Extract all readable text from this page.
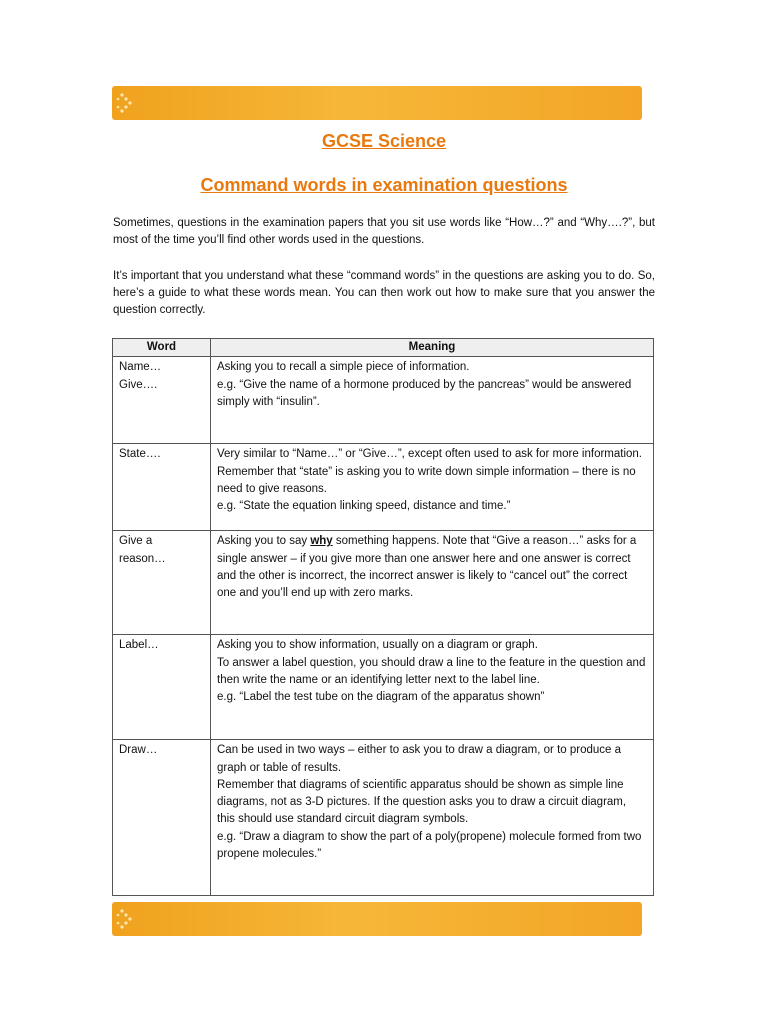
GCSE Science
Command words in examination questions

Sometimes, questions in the examination papers that you sit use words like “How…?” and “Why….?”, but most of the time you’ll find other words used in the questions.

It’s important that you understand what these “command words” in the questions are asking you to do. So, here’s a guide to what these words mean. You can then work out how to make sure that you answer the question correctly.

Word	Meaning
Name…
Give….	Asking you to recall a simple piece of information.
e.g. “Give the name of a hormone produced by the pancreas” would be answered simply with “insulin”.

State….	Very similar to “Name…” or “Give…”, except often used to ask for more information. Remember that “state” is asking you to write down simple information – there is no need to give reasons.
e.g. “State the equation linking speed, distance and time.”

Give a
reason…	Asking you to say why something happens. Note that “Give a reason…” asks for a single answer – if you give more than one answer here and one answer is correct and the other is incorrect, the incorrect answer is likely to “cancel out” the correct one and you’ll end up with zero marks.
Label…	Asking you to show information, usually on a diagram or graph.
To answer a label question, you should draw a line to the feature in the question and then write the name or an identifying letter next to the label line.
e.g. “Label the test tube on the diagram of the apparatus shown”

Draw…	Can be used in two ways – either to ask you to draw a diagram, or to produce a graph or table of results.
Remember that diagrams of scientific apparatus should be shown as simple line diagrams, not as 3-D pictures. If the question asks you to draw a circuit diagram, this should use standard circuit diagram symbols.
e.g. “Draw a diagram to show the part of a poly(propene) molecule formed from two propene molecules.”
